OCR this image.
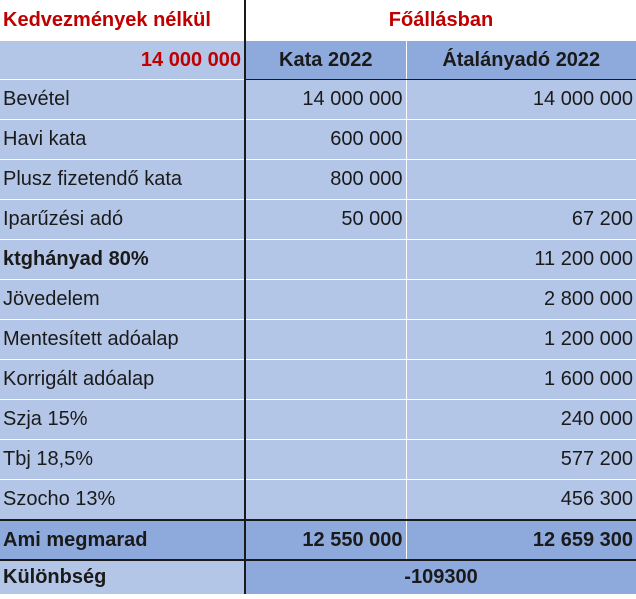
Kedvezmények nélkül	Főállásban	
14 000 000	Kata 2022	Átalányadó 2022
Bevétel	14 000 000	14 000 000
Havi kata	600 000	
Plusz fizetendő kata	800 000	
Iparűzési adó	50 000	67 200
ktghányad 80%		11 200 000
Jövedelem		2 800 000
Mentesített adóalap		1 200 000
Korrigált adóalap		1 600 000
Szja 15%		240 000
Tbj 18,5%		577 200
Szocho 13%		456 300
Ami megmarad	12 550 000	12 659 300
Különbség	-109300	
